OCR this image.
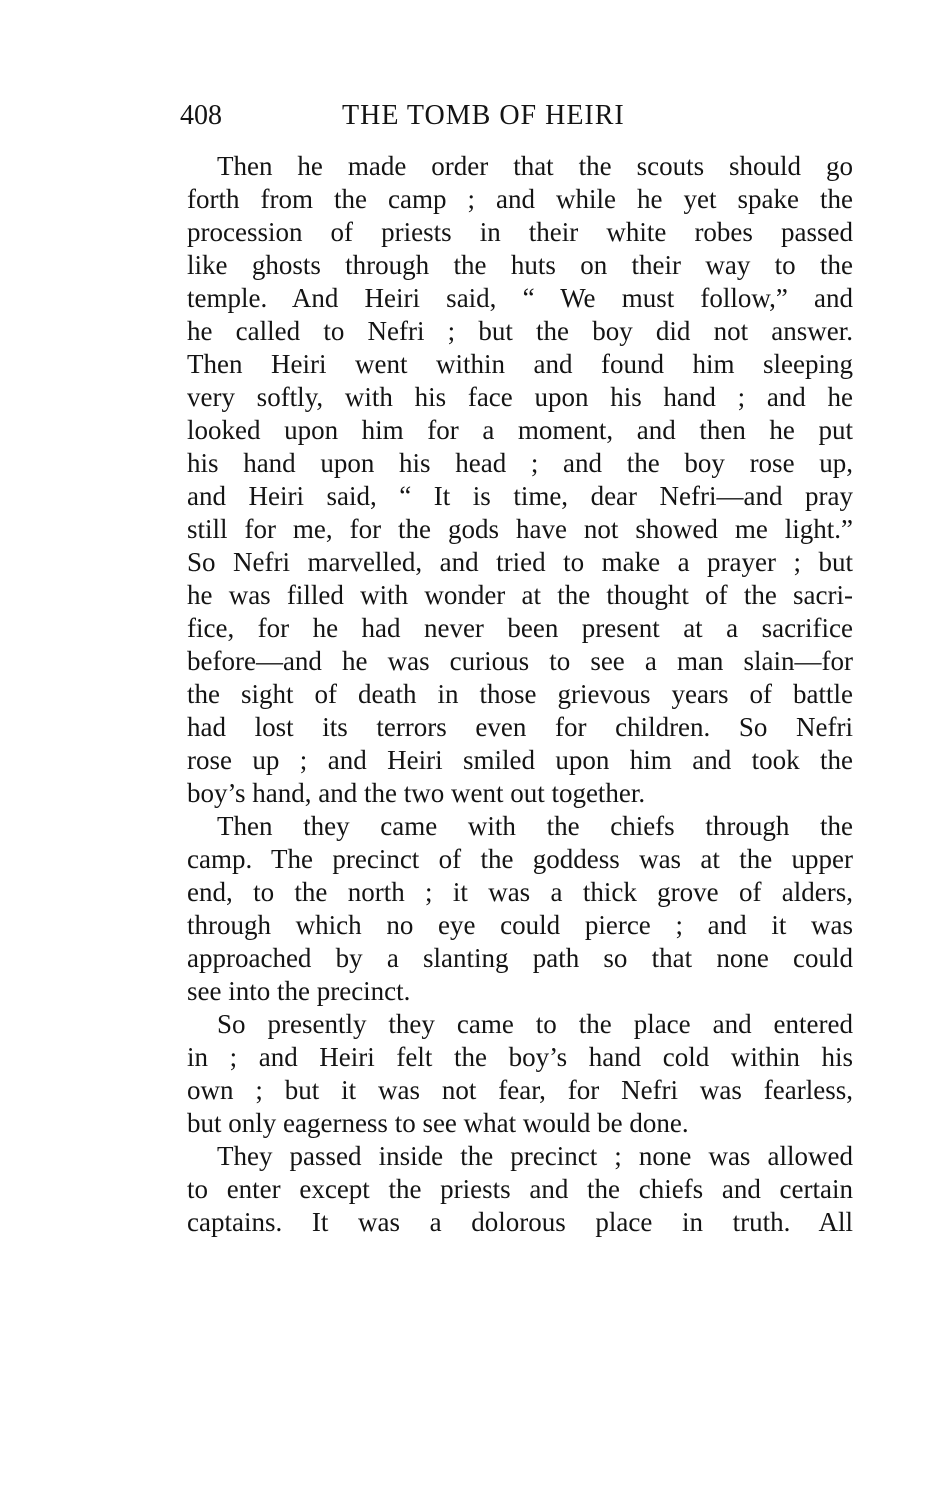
408	THE TOMB OF HEIRI
Then he made order that the scouts should go
forth from the camp ; and while he yet spake the
procession of priests in their white robes passed
like ghosts through the huts on their way to the
temple. And Heiri said, “ We must follow,” and
he called to Nefri ; but the boy did not answer.
Then Heiri went within and found him sleeping
very softly, with his face upon his hand ; and he
looked upon him for a moment, and then he put
his hand upon his head ; and the boy rose up,
and Heiri said, “ It is time, dear Nefri—and pray
still for me, for the gods have not showed me light.”
So Nefri marvelled, and tried to make a prayer ; but
he was filled with wonder at the thought of the sacri-
fice, for he had never been present at a sacrifice
before—and he was curious to see a man slain—for
the sight of death in those grievous years of battle
had lost its terrors even for children. So Nefri
rose up ; and Heiri smiled upon him and took the
boy’s hand, and the two went out together.
Then they came with the chiefs through the
camp. The precinct of the goddess was at the upper
end, to the north ; it was a thick grove of alders,
through which no eye could pierce ; and it was
approached by a slanting path so that none could
see into the precinct.
So presently they came to the place and entered
in ; and Heiri felt the boy’s hand cold within his
own ; but it was not fear, for Nefri was fearless,
but only eagerness to see what would be done.
They passed inside the precinct ; none was allowed
to enter except the priests and the chiefs and certain
captains. It was a dolorous place in truth. All
